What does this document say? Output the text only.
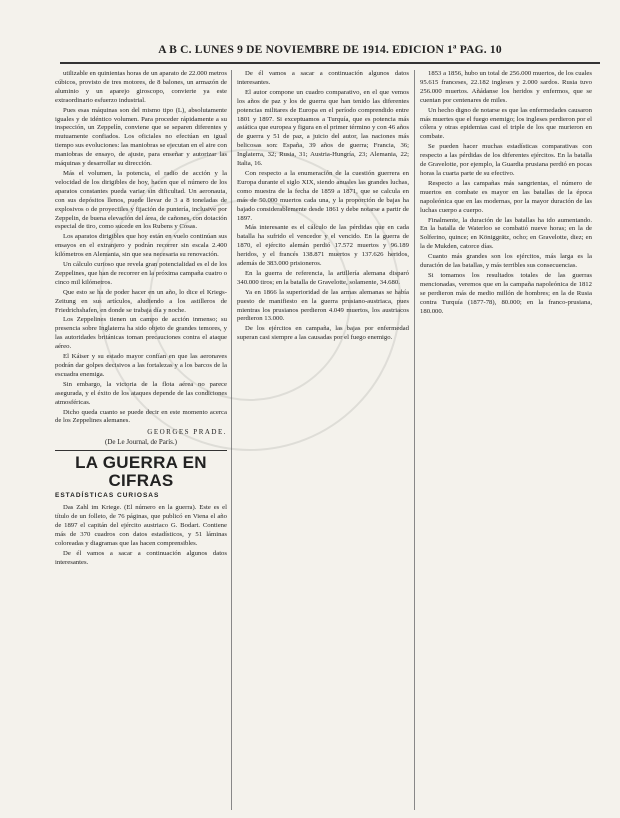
A B C. LUNES 9 DE NOVIEMBRE DE 1914. EDICION 1ª PAG. 10

utilizable en quinientas horas de un aparato de 22.000 metros cúbicos, provisto de tres motores, de 8 balones, un armazón de aluminio y un aparejo giroscopo, convierte ya este extraordinario esfuerzo industrial.

Pues esas máquinas son del mismo tipo (L), absolutamente iguales y de idéntico volumen. Para proceder rápidamente a su inspección, un Zeppelín, conviene que se separen diferentes y mutuamente confiados. Los oficiales no efectúan en igual tiempo sus evoluciones: las maniobras se ejecutan en el aire con maniobras de ensayo, de ajuste, para enseñar y autorizar las máquinas y desarrollar su dirección.

Más el volumen, la potencia, el radio de acción y la velocidad de los dirigibles de hoy, hacen que el número de los aparatos constantes pueda variar sin dificultad. Un aeronauta, con sus depósitos llenos, puede llevar de 3 a 8 toneladas de explosivos o de proyectiles y fijación de puntería, inclusive por Zeppelin, de buena elevación del área, de cañones, con dotación especial de tiro, como sucede en los Rubens y Cosas.

Los aparatos dirigibles que hoy están en vuelo continúan sus ensayos en el extranjero y podrán recorrer sin escala 2.400 kilómetros en Alemania, sin que sea necesaria su renovación.

Un cálculo curioso que revela gran potencialidad es el de los Zeppelines, que han de recorrer en la próxima campaña cuatro o cinco mil kilómetros.

Que esto se ha de poder hacer en un año, lo dice el Kriegs-Zeitung en sus artículos, aludiendo a los astilleros de Friedrichshafen, en donde se trabaja día y noche.

Los Zeppelines tienen un campo de acción inmenso; su presencia sobre Inglaterra ha sido objeto de grandes temores, y las autoridades británicas toman precauciones contra el ataque aéreo.

El Káiser y su estado mayor confían en que las aeronaves podrán dar golpes decisivos a las fortalezas y a los barcos de la escuadra enemiga.

Sin embargo, la victoria de la flota aérea no parece asegurada, y el éxito de los ataques depende de las condiciones atmosféricas.

Dicho queda cuanto se puede decir en este momento acerca de los Zeppelines alemanes.

GEORGES PRADE.
(De Le Journal, de París.)
LA GUERRA EN CIFRAS
ESTADÍSTICAS CURIOSAS

Das Zahl im Kriege. (El número en la guerra). Este es el título de un folleto, de 76 páginas, que publicó en Viena el año de 1897 el capitán del ejército austriaco G. Bodart. Contiene más de 370 cuadros con datos estadísticos, y 51 láminas coloreadas y diagramas que las hacen comprensibles.

De él vamos a sacar a continuación algunos datos interesantes.

De él vamos a sacar a continuación algunos datos interesantes.

El autor compone un cuadro comparativo, en el que vemos los años de paz y los de guerra que han tenido las diferentes potencias militares de Europa en el período comprendido entre 1801 y 1897. Si exceptuamos a Turquía, que es potencia más asiática que europea y figura en el primer término y con 46 años de guerra y 51 de paz, a juicio del autor, las naciones más belicosas son: España, 39 años de guerra; Francia, 36; Inglaterra, 32; Rusia, 31; Austria-Hungría, 23; Alemania, 22; Italia, 16.

Con respecto a la enumeración de la cuestión guerrera en Europa durante el siglo XIX, siendo anuales las grandes luchas, como muestra de la fecha de 1859 a 1871, que se calcula en más de 50.000 muertos cada una, y la proporción de bajas ha bajado considerablemente desde 1861 y debe notarse a partir de 1897.

Más interesante es el cálculo de las pérdidas que en cada batalla ha sufrido el vencedor y el vencido. En la guerra de 1870, el ejército alemán perdió 17.572 muertos y 96.189 heridos, y el francés 138.871 muertos y 137.626 heridos, además de 383.000 prisioneros.

En la guerra de referencia, la artillería alemana disparó 340.000 tiros; en la batalla de Gravelotte, solamente, 34.680.

Ya en 1866 la superioridad de las armas alemanas se había puesto de manifiesto en la guerra prusiano-austriaca, pues mientras los prusianos perdieron 4.049 muertos, los austriacos perdieron 13.000.

De los ejércitos en campaña, las bajas por enfermedad superan casi siempre a las causadas por el fuego enemigo.

1853 a 1856, hubo un total de 256.000 muertos, de los cuales 95.615 franceses, 22.182 ingleses y 2.000 sardos. Rusia tuvo 256.000 muertos. Añádanse los heridos y enfermos, que se cuentan por centenares de miles.

Un hecho digno de notarse es que las enfermedades causaron más muertes que el fuego enemigo; los ingleses perdieron por el cólera y otras epidemias casi el triple de los que murieron en combate.

Se pueden hacer muchas estadísticas comparativas con respecto a las pérdidas de los diferentes ejércitos. En la batalla de Gravelotte, por ejemplo, la Guardia prusiana perdió en pocas horas la cuarta parte de su efectivo.

Respecto a las campañas más sangrientas, el número de muertos en combate es mayor en las batallas de la época napoleónica que en las modernas, por la mayor duración de las luchas cuerpo a cuerpo.

Finalmente, la duración de las batallas ha ido aumentando. En la batalla de Waterloo se combatió nueve horas; en la de Solferino, quince; en Königgrätz, ocho; en Gravelotte, diez; en la de Mukden, catorce días.

Cuanto más grandes son los ejércitos, más larga es la duración de las batallas, y más terribles sus consecuencias.

Si tomamos los resultados totales de las guerras mencionadas, veremos que en la campaña napoleónica de 1812 se perdieron más de medio millón de hombres; en la de Rusia contra Turquía (1877-78), 80.000; en la franco-prusiana, 180.000.
